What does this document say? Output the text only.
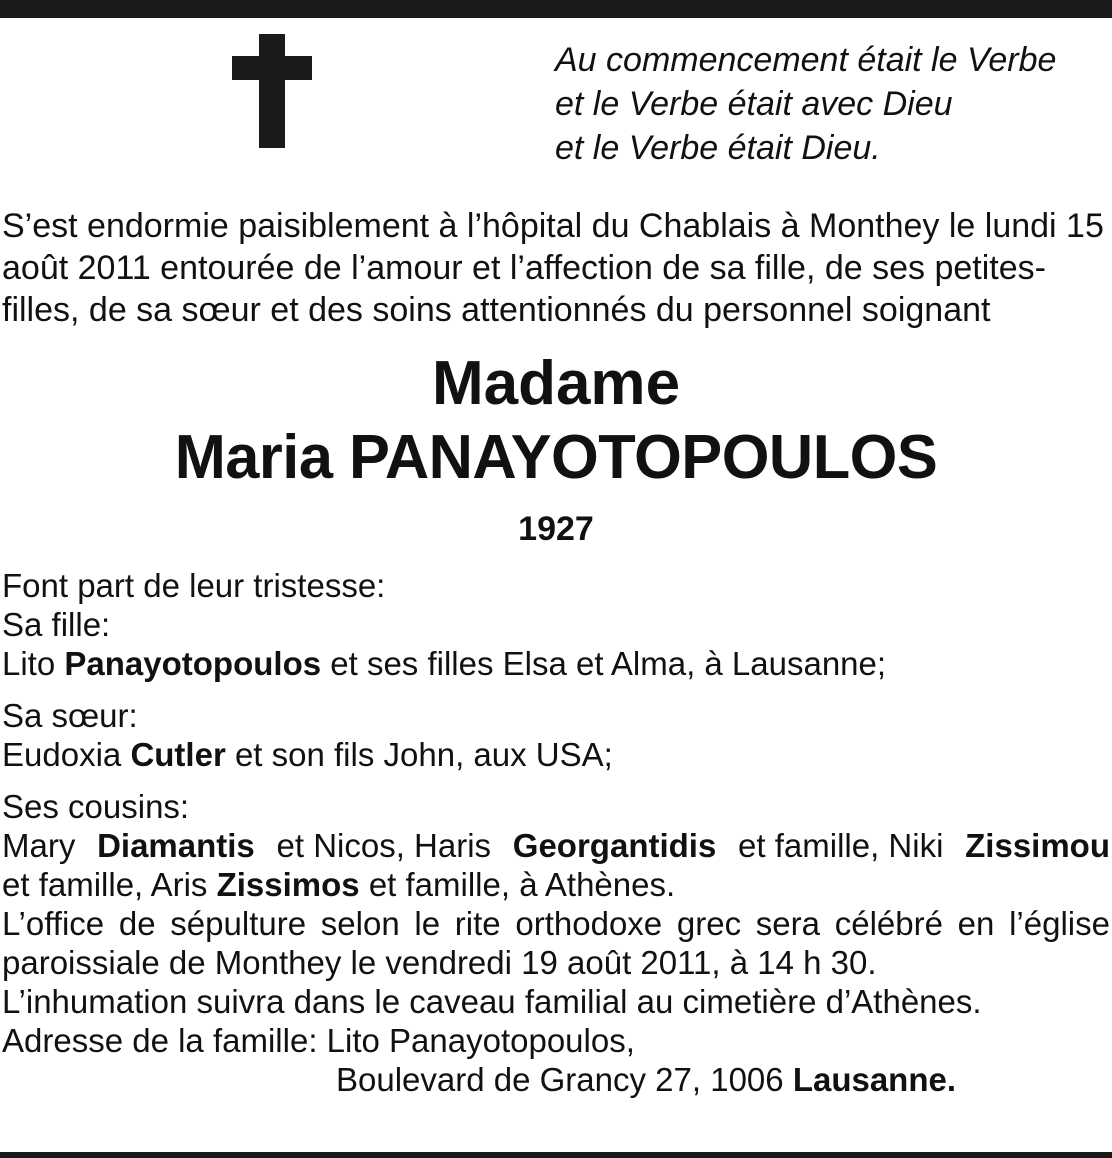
Au commencement était le Verbe
et le Verbe était avec Dieu
et le Verbe était Dieu.
S’est endormie paisiblement à l’hôpital du Chablais à Monthey le lundi 15
août 2011 entourée de l’amour et l’affection de sa fille, de ses petites-
filles, de sa sœur et des soins attentionnés du personnel soignant
Madame
Maria PANAYOTOPOULOS
1927
Font part de leur tristesse:
Sa fille:
Lito Panayotopoulos et ses filles Elsa et Alma, à Lausanne;
Sa sœur:
Eudoxia Cutler et son fils John, aux USA;
Ses cousins:
Mary Diamantis et Nicos, Haris Georgantidis et famille, Niki Zissimou
et famille, Aris Zissimos et famille, à Athènes.
L’office de sépulture selon le rite orthodoxe grec sera célébré en l’église
paroissiale de Monthey le vendredi 19 août 2011, à 14 h 30.
L’inhumation suivra dans le caveau familial au cimetière d’Athènes.
Adresse de la famille: Lito Panayotopoulos,
Boulevard de Grancy 27, 1006 Lausanne.
